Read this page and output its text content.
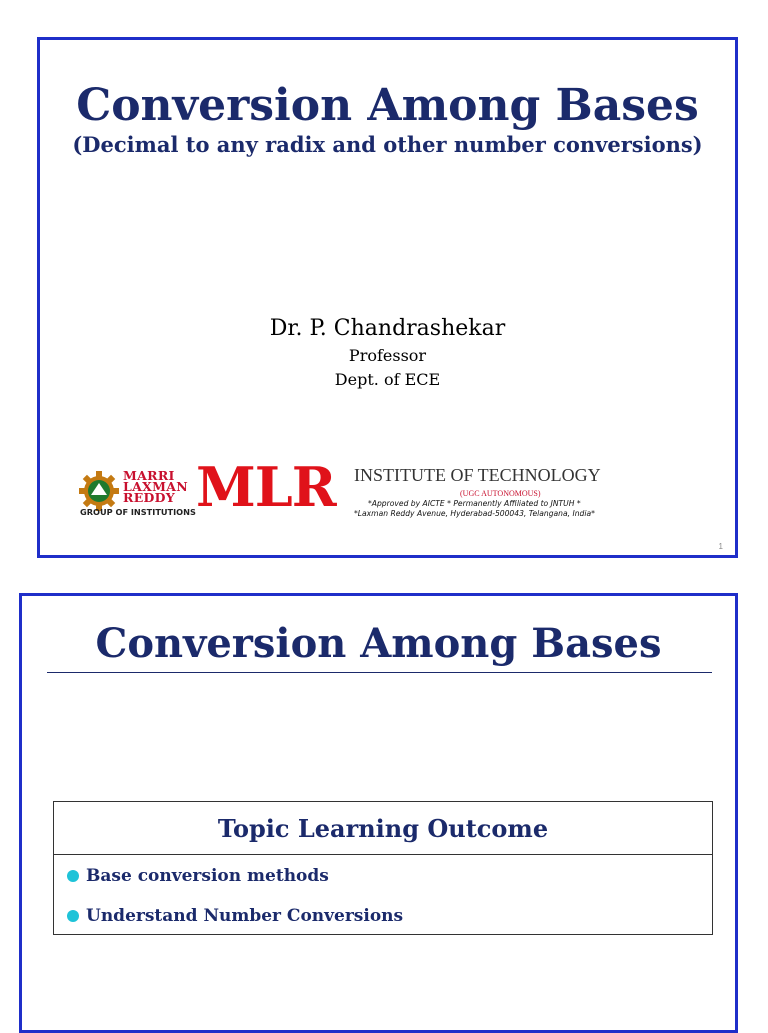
Conversion Among Bases
(Decimal to any radix and other number conversions)
Dr. P. Chandrashekar
Professor
Dept. of ECE
MARRI
LAXMAN
REDDY
GROUP OF INSTITUTIONS MLR INSTITUTE OF TECHNOLOGY
(UGC AUTONOMOUS)
*Approved by AICTE * Permanently Affiliated to JNTUH *
*Laxman Reddy Avenue, Hyderabad-500043, Telangana, India*
1
Conversion Among Bases
Topic Learning Outcome
Base conversion methods
Understand Number Conversions
